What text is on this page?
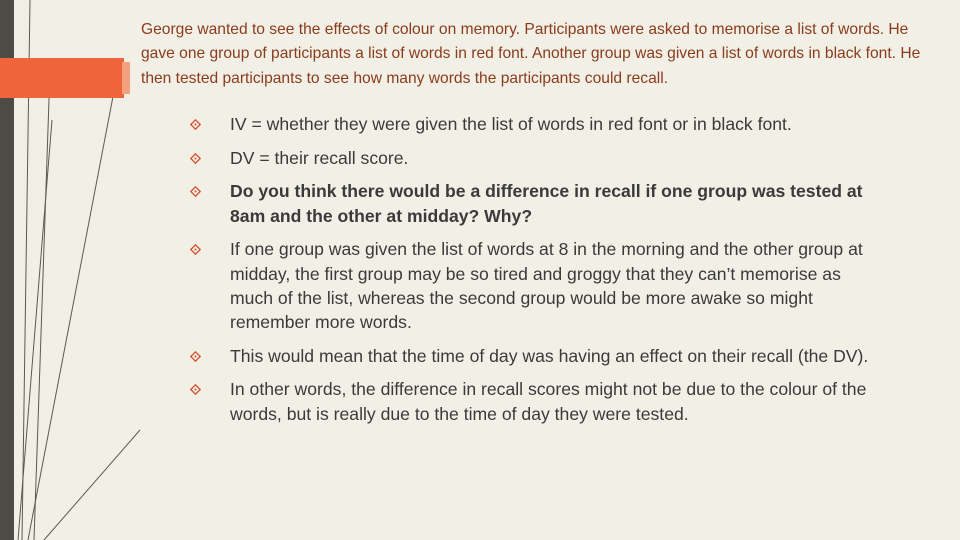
George wanted to see the effects of colour on memory. Participants were asked to memorise a list of words. He gave one group of participants a list of words in red font. Another group was given a list of words in black font. He then tested participants to see how many words the participants could recall.

IV = whether they were given the list of words in red font or in black font.
DV = their recall score.
Do you think there would be a difference in recall if one group was tested at 8am and the other at midday? Why?
If one group was given the list of words at 8 in the morning and the other group at midday, the first group may be so tired and groggy that they can’t memorise as much of the list, whereas the second group would be more awake so might remember more words.
This would mean that the time of day was having an effect on their recall (the DV).
In other words, the difference in recall scores might not be due to the colour of the words, but is really due to the time of day they were tested.
